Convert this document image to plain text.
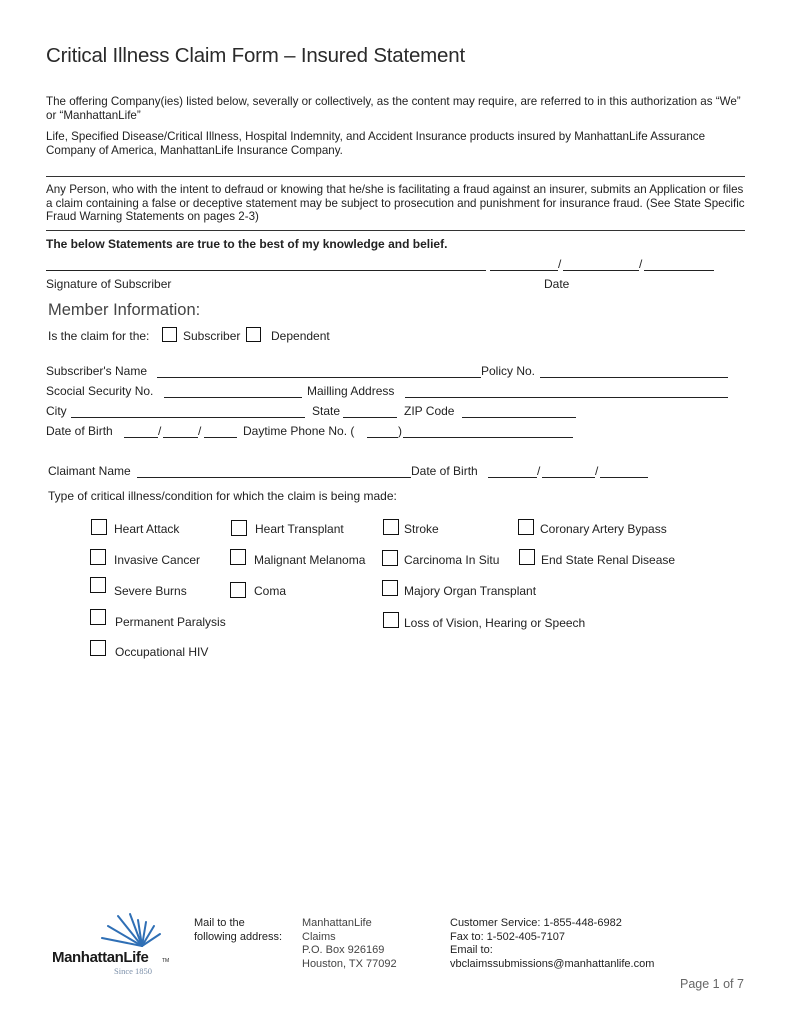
Critical Illness Claim Form – Insured Statement
The offering Company(ies) listed below, severally or collectively, as the content may require, are referred to in this authorization as “We” or “ManhattanLife”
Life, Specified Disease/Critical Illness, Hospital Indemnity, and Accident Insurance products insured by ManhattanLife Assurance Company of America, ManhattanLife Insurance Company.
Any Person, who with the intent to defraud or knowing that he/she is facilitating a fraud against an insurer, submits an Application or files a claim containing a false or deceptive statement may be subject to prosecution and punishment for insurance fraud. (See State Specific Fraud Warning Statements on pages 2-3)
The below Statements are true to the best of my knowledge and belief.
/	/
Signature of Subscriber	Date
Member Information:
Is the claim for the:	Subscriber	Dependent
Subscriber's Name	Policy No.
Scocial Security No.	Mailling Address
City	State	ZIP Code
Date of Birth	/	/	Daytime Phone No. (	)
Claimant Name	Date of Birth	/	/
Type of critical illness/condition for which the claim is being made:
Heart Attack	Heart Transplant	Stroke	Coronary Artery Bypass
Invasive Cancer	Malignant Melanoma	Carcinoma In Situ	End State Renal Disease
Severe Burns	Coma	Majory Organ Transplant
Permanent Paralysis	Loss of Vision, Hearing or Speech
Occupational HIV
ManhattanLife	TM
Since 1850
Mail to the
following address:
ManhattanLife
Claims
P.O. Box 926169
Houston, TX 77092
Customer Service: 1-855-448-6982
Fax to: 1-502-405-7107
Email to:
vbclaimssubmissions@manhattanlife.com
Page 1 of 7
